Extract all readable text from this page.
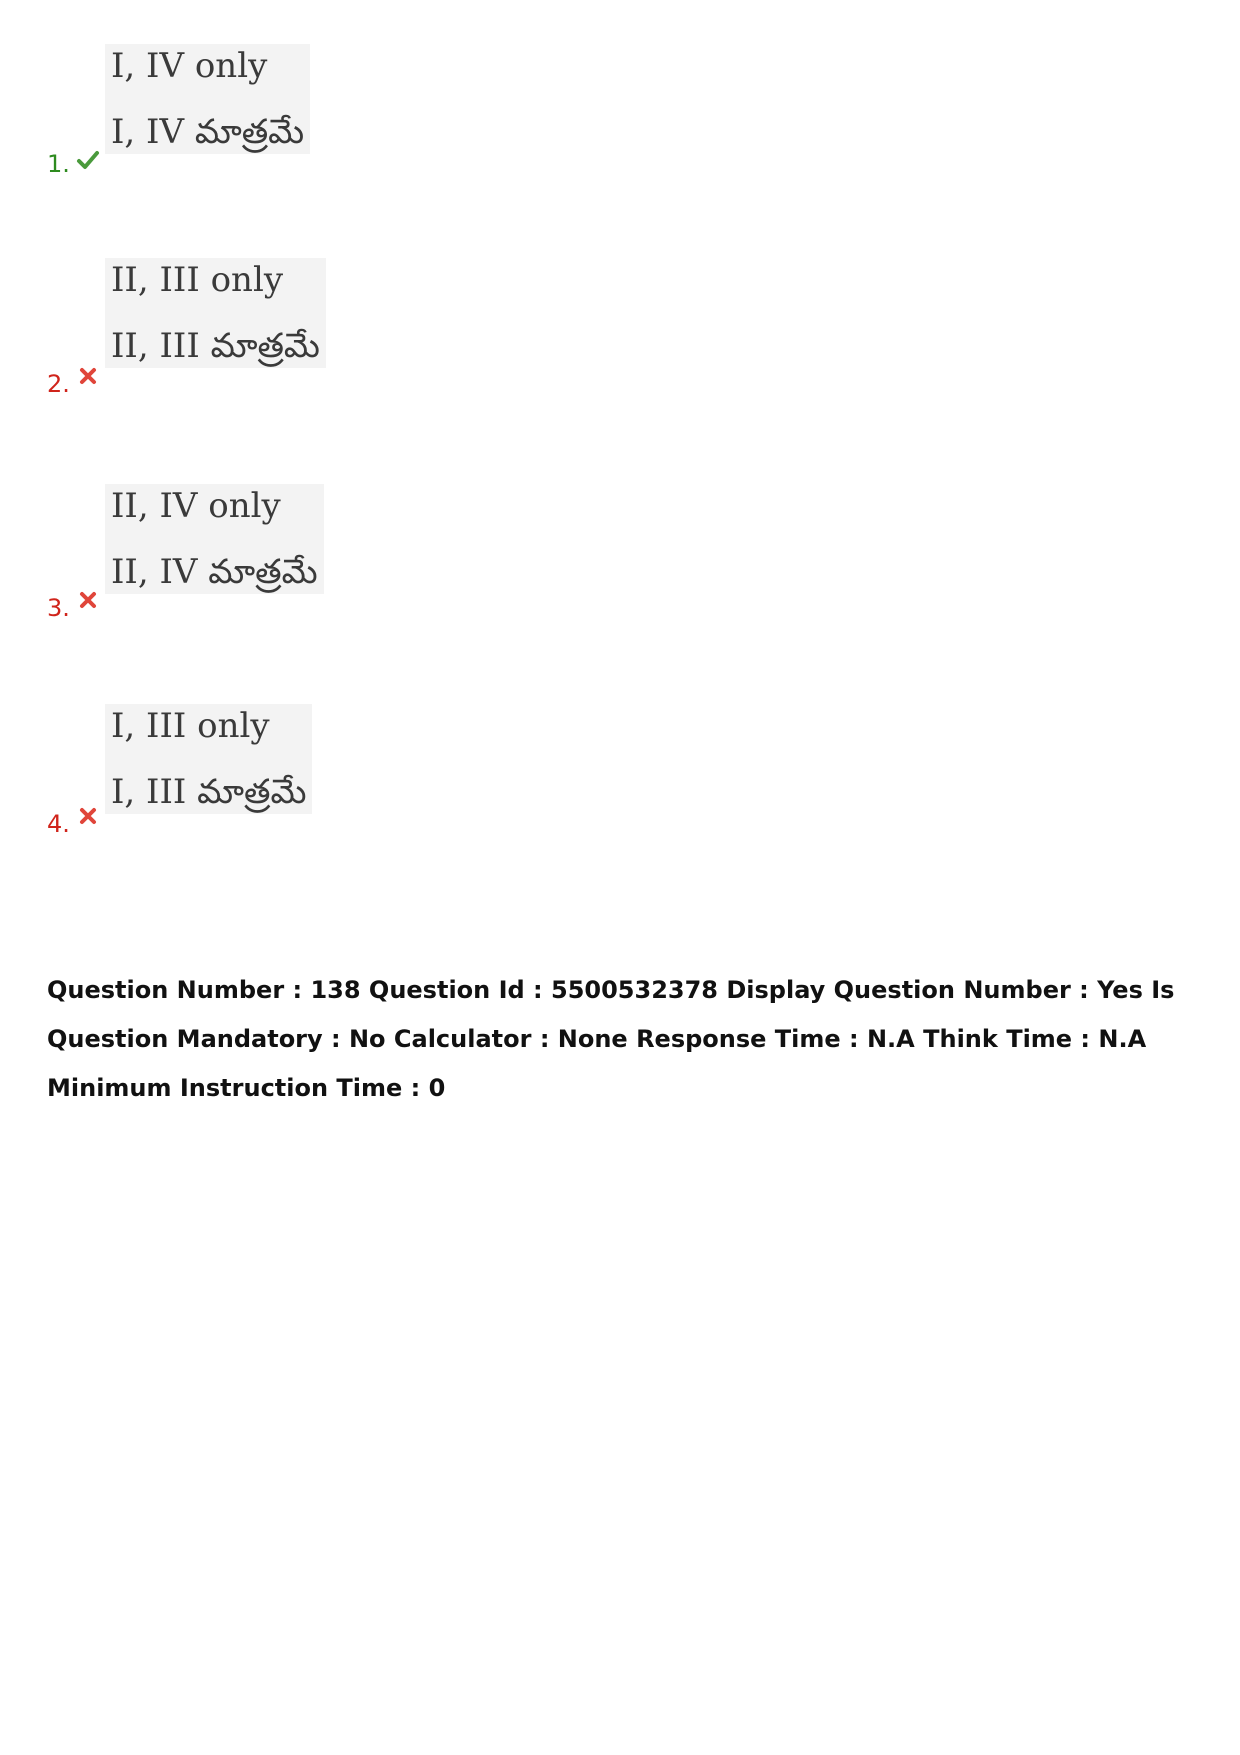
I, IV only
I, IV మాత్రమే
1.
II, III only
II, III మాత్రమే
2.
II, IV only
II, IV మాత్రమే
3.
I, III only
I, III మాత్రమే
4.
Question Number : 138 Question Id : 5500532378 Display Question Number : Yes Is Question Mandatory : No Calculator : None Response Time : N.A Think Time : N.A Minimum Instruction Time : 0
